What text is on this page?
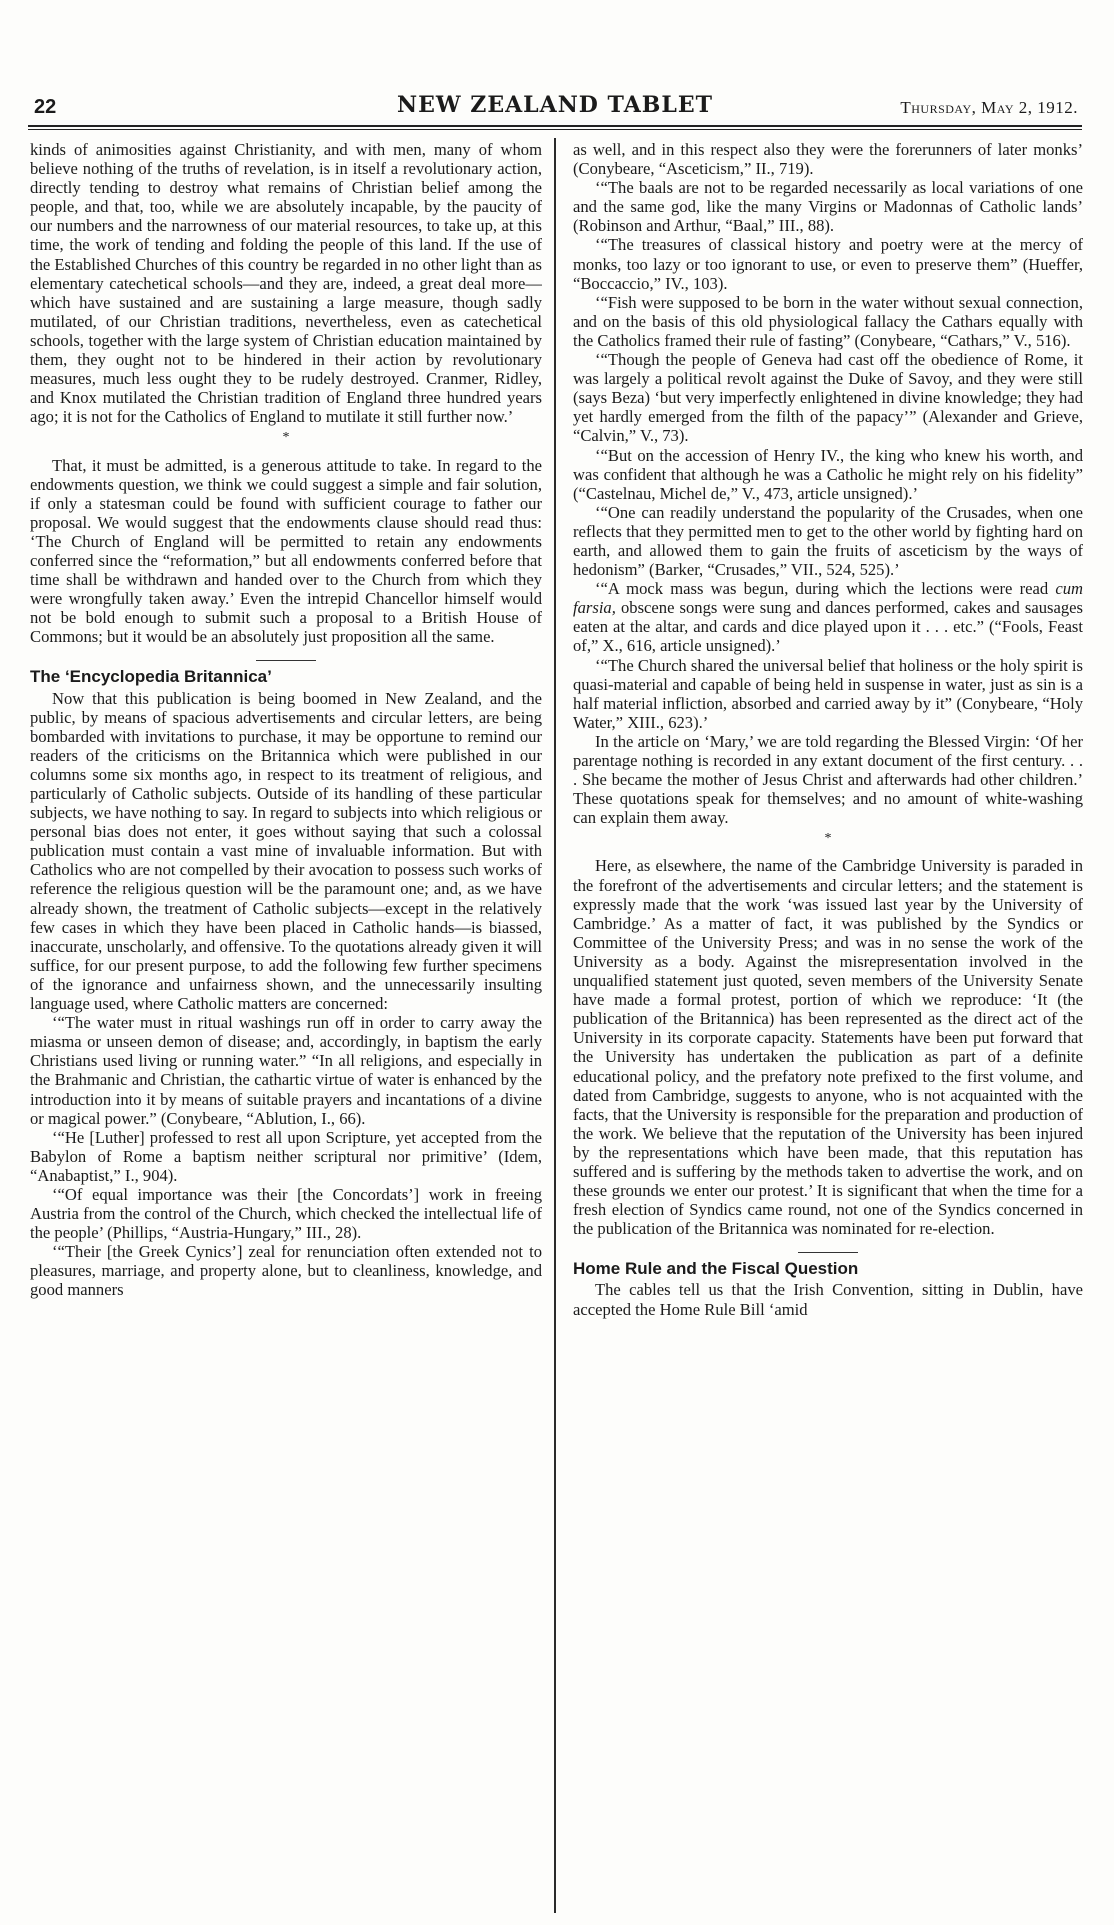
22	NEW ZEALAND TABLET	Thursday, May 2, 1912.

kinds of animosities against Christianity, and with men, many of whom believe nothing of the truths of revelation, is in itself a revolutionary action, directly tending to destroy what remains of Christian belief among the people, and that, too, while we are absolutely incapable, by the paucity of our numbers and the narrowness of our material resources, to take up, at this time, the work of tending and folding the people of this land. If the use of the Established Churches of this country be regarded in no other light than as elementary catechetical schools—and they are, indeed, a great deal more—which have sustained and are sustaining a large measure, though sadly mutilated, of our Christian traditions, nevertheless, even as catechetical schools, together with the large system of Christian education maintained by them, they ought not to be hindered in their action by revolutionary measures, much less ought they to be rudely destroyed. Cranmer, Ridley, and Knox mutilated the Christian tradition of England three hundred years ago; it is not for the Catholics of England to mutilate it still further now.’

*

That, it must be admitted, is a generous attitude to take. In regard to the endowments question, we think we could suggest a simple and fair solution, if only a statesman could be found with sufficient courage to father our proposal. We would suggest that the endowments clause should read thus: ‘The Church of England will be permitted to retain any endowments conferred since the “reformation,” but all endowments conferred before that time shall be withdrawn and handed over to the Church from which they were wrongfully taken away.’ Even the intrepid Chancellor himself would not be bold enough to submit such a proposal to a British House of Commons; but it would be an absolutely just proposition all the same.

The ‘Encyclopedia Britannica’

Now that this publication is being boomed in New Zealand, and the public, by means of spacious advertisements and circular letters, are being bombarded with invitations to purchase, it may be opportune to remind our readers of the criticisms on the Britannica which were published in our columns some six months ago, in respect to its treatment of religious, and particularly of Catholic subjects. Outside of its handling of these particular subjects, we have nothing to say. In regard to subjects into which religious or personal bias does not enter, it goes without saying that such a colossal publication must contain a vast mine of invaluable information. But with Catholics who are not compelled by their avocation to possess such works of reference the religious question will be the paramount one; and, as we have already shown, the treatment of Catholic subjects—except in the relatively few cases in which they have been placed in Catholic hands—is biassed, inaccurate, unscholarly, and offensive. To the quotations already given it will suffice, for our present purpose, to add the following few further specimens of the ignorance and unfairness shown, and the unnecessarily insulting language used, where Catholic matters are concerned:

‘“The water must in ritual washings run off in order to carry away the miasma or unseen demon of disease; and, accordingly, in baptism the early Christians used living or running water.” “In all religions, and especially in the Brahmanic and Christian, the cathartic virtue of water is enhanced by the introduction into it by means of suitable prayers and incantations of a divine or magical power.” (Conybeare, “Ablution, I., 66).

‘“He [Luther] professed to rest all upon Scripture, yet accepted from the Babylon of Rome a baptism neither scriptural nor primitive’ (Idem, “Anabaptist,” I., 904).

‘“Of equal importance was their [the Concordats’] work in freeing Austria from the control of the Church, which checked the intellectual life of the people’ (Phillips, “Austria-Hungary,” III., 28).

‘“Their [the Greek Cynics’] zeal for renunciation often extended not to pleasures, marriage, and property alone, but to cleanliness, knowledge, and good manners

as well, and in this respect also they were the forerunners of later monks’ (Conybeare, “Asceticism,” II., 719).

‘“The baals are not to be regarded necessarily as local variations of one and the same god, like the many Virgins or Madonnas of Catholic lands’ (Robinson and Arthur, “Baal,” III., 88).

‘“The treasures of classical history and poetry were at the mercy of monks, too lazy or too ignorant to use, or even to preserve them” (Hueffer, “Boccaccio,” IV., 103).

‘“Fish were supposed to be born in the water without sexual connection, and on the basis of this old physiological fallacy the Cathars equally with the Catholics framed their rule of fasting” (Conybeare, “Cathars,” V., 516).

‘“Though the people of Geneva had cast off the obedience of Rome, it was largely a political revolt against the Duke of Savoy, and they were still (says Beza) ‘but very imperfectly enlightened in divine knowledge; they had yet hardly emerged from the filth of the papacy’” (Alexander and Grieve, “Calvin,” V., 73).

‘“But on the accession of Henry IV., the king who knew his worth, and was confident that although he was a Catholic he might rely on his fidelity” (“Castelnau, Michel de,” V., 473, article unsigned).’

‘“One can readily understand the popularity of the Crusades, when one reflects that they permitted men to get to the other world by fighting hard on earth, and allowed them to gain the fruits of asceticism by the ways of hedonism” (Barker, “Crusades,” VII., 524, 525).’

‘“A mock mass was begun, during which the lections were read cum farsia, obscene songs were sung and dances performed, cakes and sausages eaten at the altar, and cards and dice played upon it . . . etc.” (“Fools, Feast of,” X., 616, article unsigned).’

‘“The Church shared the universal belief that holiness or the holy spirit is quasi-material and capable of being held in suspense in water, just as sin is a half material infliction, absorbed and carried away by it” (Conybeare, “Holy Water,” XIII., 623).’

In the article on ‘Mary,’ we are told regarding the Blessed Virgin: ‘Of her parentage nothing is recorded in any extant document of the first century. . . . She became the mother of Jesus Christ and afterwards had other children.’ These quotations speak for themselves; and no amount of white-washing can explain them away.

*

Here, as elsewhere, the name of the Cambridge University is paraded in the forefront of the advertisements and circular letters; and the statement is expressly made that the work ‘was issued last year by the University of Cambridge.’ As a matter of fact, it was published by the Syndics or Committee of the University Press; and was in no sense the work of the University as a body. Against the misrepresentation involved in the unqualified statement just quoted, seven members of the University Senate have made a formal protest, portion of which we reproduce: ‘It (the publication of the Britannica) has been represented as the direct act of the University in its corporate capacity. Statements have been put forward that the University has undertaken the publication as part of a definite educational policy, and the prefatory note prefixed to the first volume, and dated from Cambridge, suggests to anyone, who is not acquainted with the facts, that the University is responsible for the preparation and production of the work. We believe that the reputation of the University has been injured by the representations which have been made, that this reputation has suffered and is suffering by the methods taken to advertise the work, and on these grounds we enter our protest.’ It is significant that when the time for a fresh election of Syndics came round, not one of the Syndics concerned in the publication of the Britannica was nominated for re-election.

Home Rule and the Fiscal Question

The cables tell us that the Irish Convention, sitting in Dublin, have accepted the Home Rule Bill ‘amid
